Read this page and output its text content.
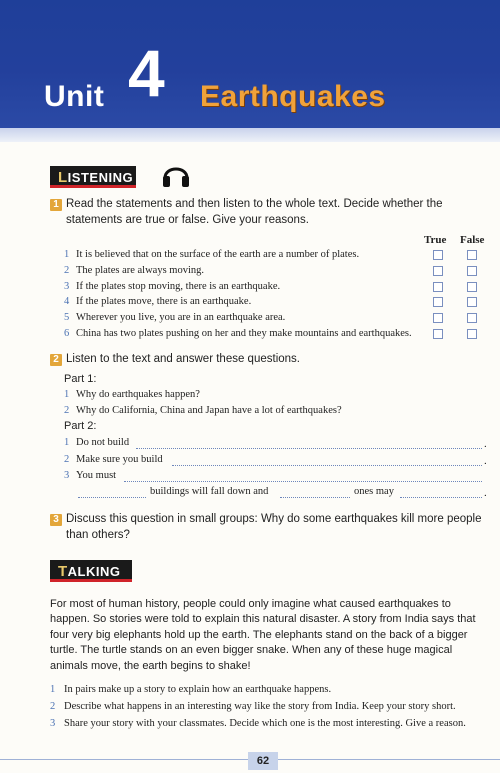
Unit 4 Earthquakes
LISTENING
1 Read the statements and then listen to the whole text. Decide whether the statements are true or false. Give your reasons.
True False
1 It is believed that on the surface of the earth are a number of plates.
2 The plates are always moving.
3 If the plates stop moving, there is an earthquake.
4 If the plates move, there is an earthquake.
5 Wherever you live, you are in an earthquake area.
6 China has two plates pushing on her and they make mountains and earthquakes.
2 Listen to the text and answer these questions.
Part 1:
1 Why do earthquakes happen?
2 Why do California, China and Japan have a lot of earthquakes?
Part 2:
1 Do not build	.
2 Make sure you build	.
3 You must
buildings will fall down and	ones may	.
3 Discuss this question in small groups: Why do some earthquakes kill more people than others?
TALKING
For most of human history, people could only imagine what caused earthquakes to happen. So stories were told to explain this natural disaster. A story from India says that four very big elephants hold up the earth. The elephants stand on the back of a bigger turtle. The turtle stands on an even bigger snake. When any of these huge magical animals move, the earth begins to shake!
1 In pairs make up a story to explain how an earthquake happens.
2 Describe what happens in an interesting way like the story from India. Keep your story short.
3 Share your story with your classmates. Decide which one is the most interesting. Give a reason.
62
